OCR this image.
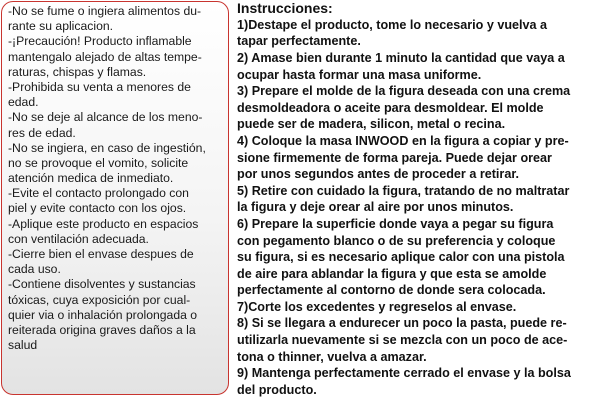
-No se fume o ingiera alimentos du-

rante su aplicacion.

-¡Precaución! Producto inflamable

mantengalo alejado de altas tempe-

raturas, chispas y flamas.

-Prohibida su venta a menores de

edad.

-No se deje al alcance de los meno-

res de edad.

-No se ingiera, en caso de ingestión,

no se provoque el vomito, solicite

atención medica de inmediato.

-Evite el contacto prolongado con

piel y evite contacto con los ojos.

-Aplique este producto en espacios

con ventilación adecuada.

-Cierre bien el envase despues de

cada uso.

-Contiene disolventes y sustancias

tóxicas, cuya exposición por cual-

quier via o inhalación prolongada o

reiterada origina graves daños a la

salud

Instrucciones:

1)Destape el producto, tome lo necesario y vuelva a

tapar perfectamente.

2) Amase bien durante 1 minuto la cantidad que vaya a

ocupar hasta formar una masa uniforme.

3) Prepare el molde de la figura deseada con una crema

desmoldeadora o aceite para desmoldear. El molde

puede ser de madera, silicon, metal o recina.

4) Coloque la masa INWOOD en la figura a copiar y pre-

sione firmemente de forma pareja. Puede dejar orear

por unos segundos antes de proceder a retirar.

5) Retire con cuidado la figura, tratando de no maltratar

la figura y deje orear al aire por unos minutos.

6) Prepare la superficie donde vaya a pegar su figura

con pegamento blanco o de su preferencia y coloque

su figura, si es necesario aplique calor con una pistola

de aire para ablandar la figura y que esta se amolde

perfectamente al contorno de donde sera colocada.

7)Corte los excedentes y regreselos al envase.

8) Si se llegara a endurecer un poco la pasta, puede re-

utilizarla nuevamente si se mezcla con un poco de ace-

tona o thinner, vuelva a amazar.

9) Mantenga perfectamente cerrado el envase y la bolsa

del producto.
